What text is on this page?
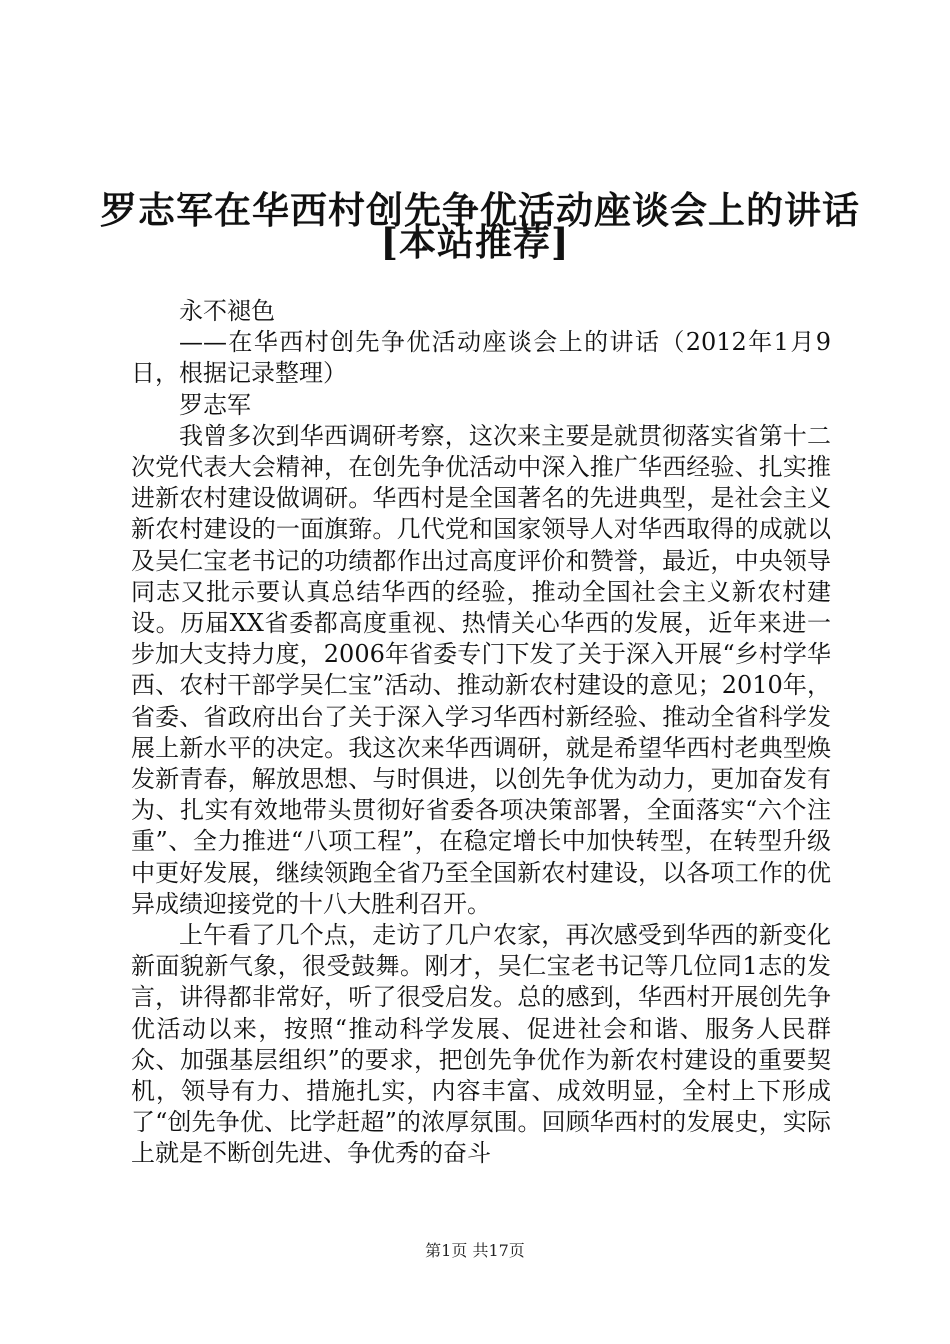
罗志军在华西村创先争优活动座谈会上的讲话
[本站推荐]

永不褪色

——在华西村创先争优活动座谈会上的讲话（2012年1月9日，根据记录整理）

罗志军

我曾多次到华西调研考察，这次来主要是就贯彻落实省第十二次党代表大会精神，在创先争优活动中深入推广华西经验、扎实推进新农村建设做调研。华西村是全国著名的先进典型，是社会主义新农村建设的一面旗臶。几代党和国家领导人对华西取得的成就以及吴仁宝老书记的功绩都作出过高度评价和赞誉，最近，中央领导同志又批示要认真总结华西的经验，推动全国社会主义新农村建设。历届XX省委都高度重视、热情关心华西的发展，近年来进一步加大支持力度，2006年省委专门下发了关于深入开展“乡村学华西、农村干部学吴仁宝”活动、推动新农村建设的意见；2010年，省委、省政府出台了关于深入学习华西村新经验、推动全省科学发展上新水平的决定。我这次来华西调研，就是希望华西村老典型焕发新青春，解放思想、与时俱进，以创先争优为动力，更加奋发有为、扎实有效地带头贯彻好省委各项决策部署，全面落实“六个注重”、全力推进“八项工程”，在稳定增长中加快转型，在转型升级中更好发展，继续领跑全省乃至全国新农村建设，以各项工作的优异成绩迎接党的十八大胜利召开。

上午看了几个点，走访了几户农家，再次感受到华西的新变化新面貌新气象，很受鼓舞。刚才，吴仁宝老书记等几位同1志的发言，讲得都非常好，听了很受启发。总的感到，华西村开展创先争优活动以来，按照“推动科学发展、促进社会和谐、服务人民群众、加强基层组织”的要求，把创先争优作为新农村建设的重要契机，领导有力、措施扎实，内容丰富、成效明显，全村上下形成了“创先争优、比学赶超”的浓厚氛围。回顾华西村的发展史，实际上就是不断创先进、争优秀的奋斗

第1页 共17页
